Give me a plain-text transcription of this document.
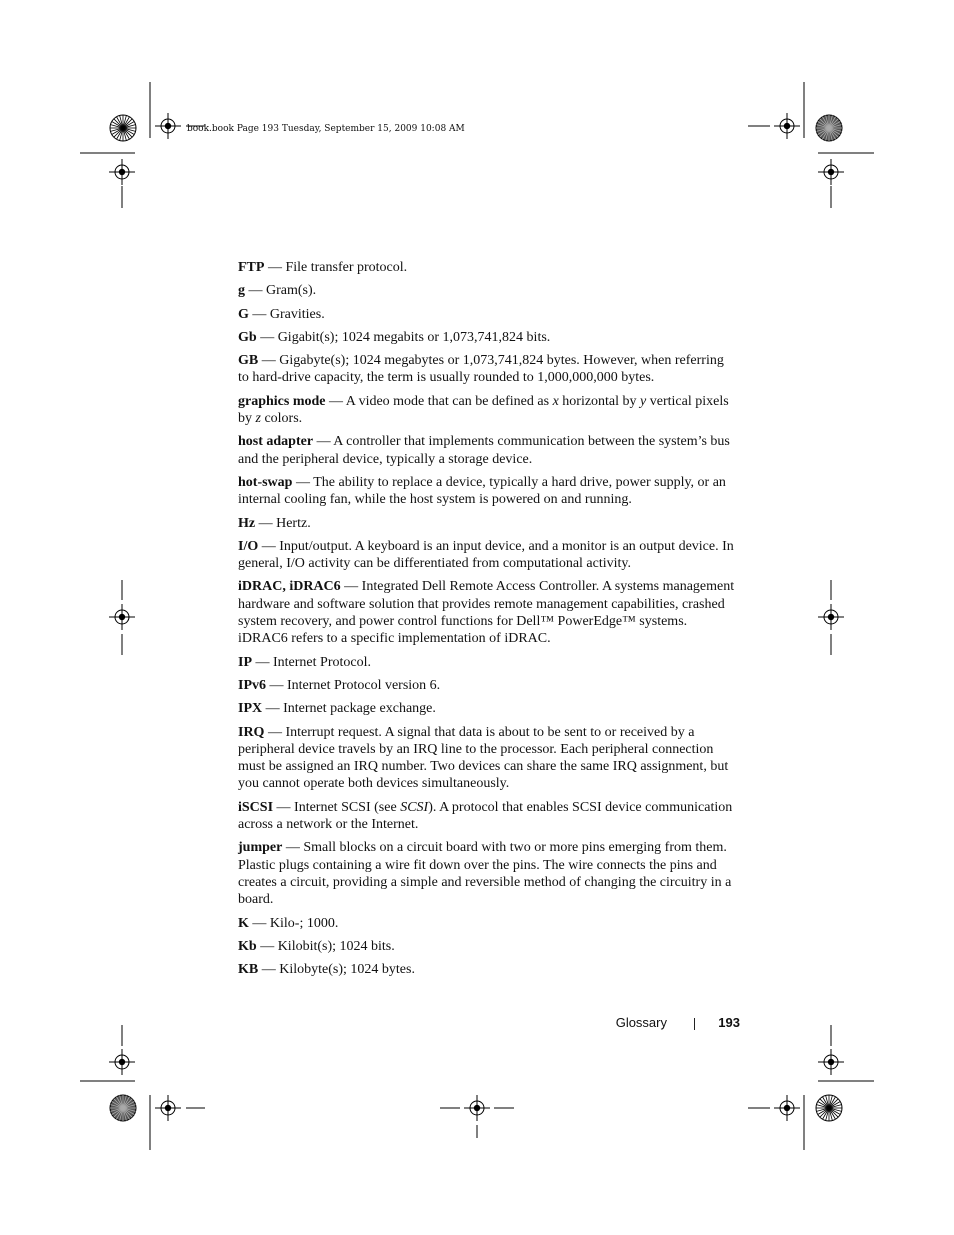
book.book Page 193 Tuesday, September 15, 2009 10:08 AM

FTP — File transfer protocol.

g — Gram(s).

G — Gravities.

Gb — Gigabit(s); 1024 megabits or 1,073,741,824 bits.

GB — Gigabyte(s); 1024 megabytes or 1,073,741,824 bytes. However, when referring to hard-drive capacity, the term is usually rounded to 1,000,000,000 bytes.

graphics mode — A video mode that can be defined as x horizontal by y vertical pixels by z colors.

host adapter — A controller that implements communication between the system’s bus and the peripheral device, typically a storage device.

hot-swap — The ability to replace a device, typically a hard drive, power supply, or an internal cooling fan, while the host system is powered on and running.

Hz — Hertz.

I/O — Input/output. A keyboard is an input device, and a monitor is an output device. In general, I/O activity can be differentiated from computational activity.

iDRAC, iDRAC6 — Integrated Dell Remote Access Controller. A systems management hardware and software solution that provides remote management capabilities, crashed system recovery, and power control functions for Dell™ PowerEdge™ systems. iDRAC6 refers to a specific implementation of iDRAC.

IP — Internet Protocol.

IPv6 — Internet Protocol version 6.

IPX — Internet package exchange.

IRQ — Interrupt request. A signal that data is about to be sent to or received by a peripheral device travels by an IRQ line to the processor. Each peripheral connection must be assigned an IRQ number. Two devices can share the same IRQ assignment, but you cannot operate both devices simultaneously.

iSCSI — Internet SCSI (see SCSI). A protocol that enables SCSI device communication across a network or the Internet.

jumper — Small blocks on a circuit board with two or more pins emerging from them. Plastic plugs containing a wire fit down over the pins. The wire connects the pins and creates a circuit, providing a simple and reversible method of changing the circuitry in a board.

K — Kilo-; 1000.

Kb — Kilobit(s); 1024 bits.

KB — Kilobyte(s); 1024 bytes.

Glossary	193
